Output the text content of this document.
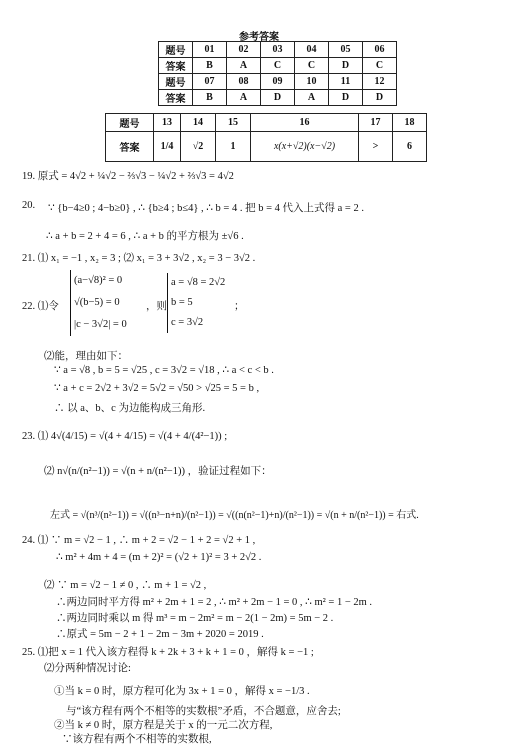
参考答案
题号	01	02	03	04	05	06
答案	B	A	C	C	D	C
题号	07	08	09	10	11	12
答案	B	A	D	A	D	D
题号	13	14	15	16	17	18
答案	1/4	√2	1	x(x+√2)(x−√2)	>	6
19. 原式 = 4√2 + ¼√2 − ⅔√3 − ¼√2 + ⅔√3 = 4√2
20. ∵ {b−4≥0 ; 4−b≥0} , ∴ {b≥4 ; b≤4} , ∴ b = 4 . 把 b = 4 代入上式得 a = 2 .
∴ a + b = 2 + 4 = 6 , ∴ a + b 的平方根为 ±√6 .
21. ⑴ x₁ = −1 , x₂ = 3 ; ⑵ x₁ = 3 + 3√2 , x₂ = 3 − 3√2 .
22. ⑴令
(a−√8)² = 0
√(b−5) = 0
|c − 3√2| = 0
，则
a = √8 = 2√2
b = 5
c = 3√2
；
⑵能，理由如下：
∵ a = √8 , b = 5 = √25 , c = 3√2 = √18 , ∴ a < c < b .
∵ a + c = 2√2 + 3√2 = 5√2 = √50 > √25 = 5 = b ,
∴ 以 a、b、c 为边能构成三角形.
23. ⑴ 4√(4/15) = √(4 + 4/15) = √(4 + 4/(4²−1)) ;
⑵ n√(n/(n²−1)) = √(n + n/(n²−1)) ，验证过程如下：
左式 = √(n³/(n²−1)) = √((n³−n+n)/(n²−1)) = √((n(n²−1)+n)/(n²−1)) = √(n + n/(n²−1)) = 右式.
24. ⑴ ∵ m = √2 − 1 , ∴ m + 2 = √2 − 1 + 2 = √2 + 1 ,
∴ m² + 4m + 4 = (m + 2)² = (√2 + 1)² = 3 + 2√2 .
⑵ ∵ m = √2 − 1 ≠ 0 , ∴ m + 1 = √2 ,
∴两边同时平方得 m² + 2m + 1 = 2 , ∴ m² + 2m − 1 = 0 , ∴ m² = 1 − 2m .
∴两边同时乘以 m 得 m³ = m − 2m² = m − 2(1 − 2m) = 5m − 2 .
∴原式 = 5m − 2 + 1 − 2m − 3m + 2020 = 2019 .
25. ⑴把 x = 1 代入该方程得 k + 2k + 3 + k + 1 = 0 ，解得 k = −1 ;
⑵分两种情况讨论:
①当 k = 0 时，原方程可化为 3x + 1 = 0 ，解得 x = −1/3 .
与“该方程有两个不相等的实数根”矛盾，不合题意，应舍去;
②当 k ≠ 0 时，原方程是关于 x 的一元二次方程,
∵该方程有两个不相等的实数根,
